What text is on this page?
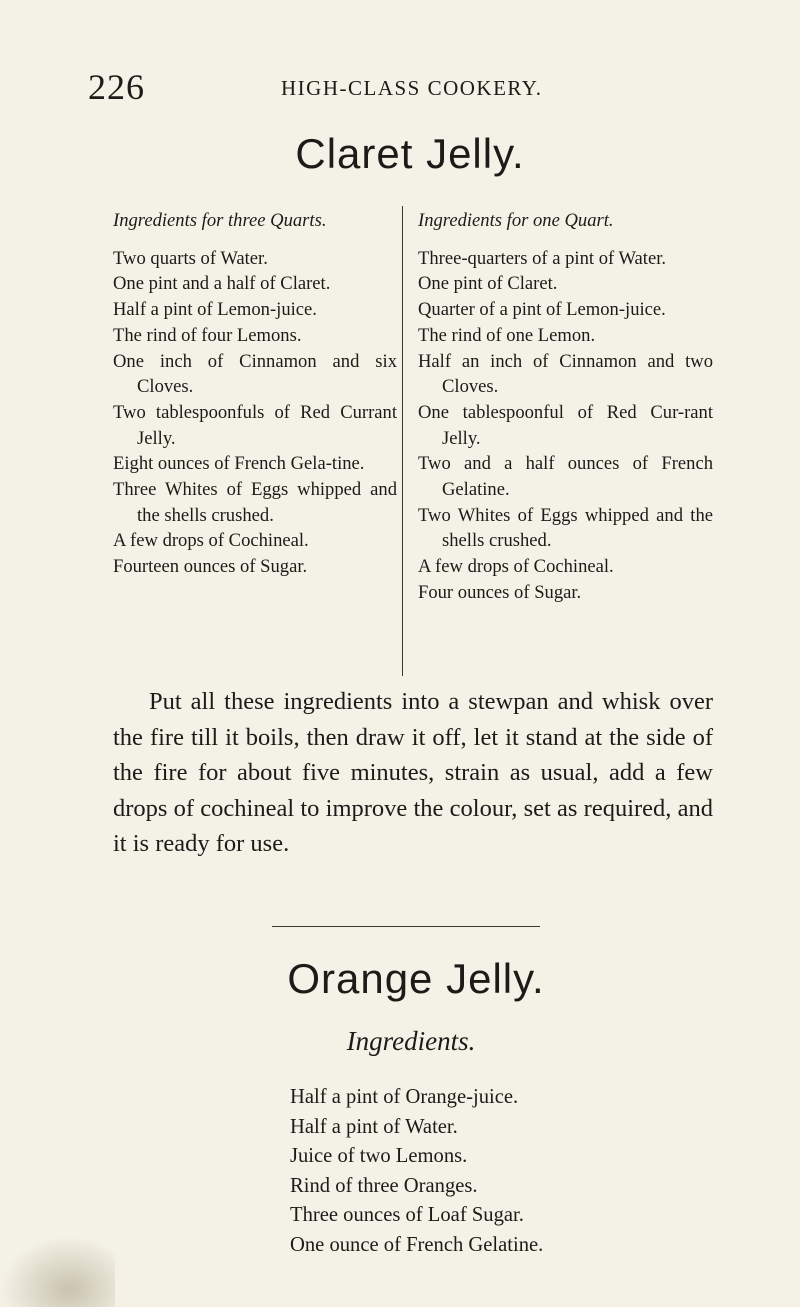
226	HIGH-CLASS COOKERY.
Claret Jelly.
Ingredients for three Quarts.
Two quarts of Water.
One pint and a half of Claret.
Half a pint of Lemon-juice.
The rind of four Lemons.
One inch of Cinnamon and six Cloves.
Two tablespoonfuls of Red Currant Jelly.
Eight ounces of French Gela-tine.
Three Whites of Eggs whipped and the shells crushed.
A few drops of Cochineal.
Fourteen ounces of Sugar.
Ingredients for one Quart.
Three-quarters of a pint of Water.
One pint of Claret.
Quarter of a pint of Lemon-juice.
The rind of one Lemon.
Half an inch of Cinnamon and two Cloves.
One tablespoonful of Red Cur-rant Jelly.
Two and a half ounces of French Gelatine.
Two Whites of Eggs whipped and the shells crushed.
A few drops of Cochineal.
Four ounces of Sugar.
Put all these ingredients into a stewpan and whisk over the fire till it boils, then draw it off, let it stand at the side of the fire for about five minutes, strain as usual, add a few drops of cochineal to improve the colour, set as required, and it is ready for use.
Orange Jelly.
Ingredients.
Half a pint of Orange-juice.
Half a pint of Water.
Juice of two Lemons.
Rind of three Oranges.
Three ounces of Loaf Sugar.
One ounce of French Gelatine.
